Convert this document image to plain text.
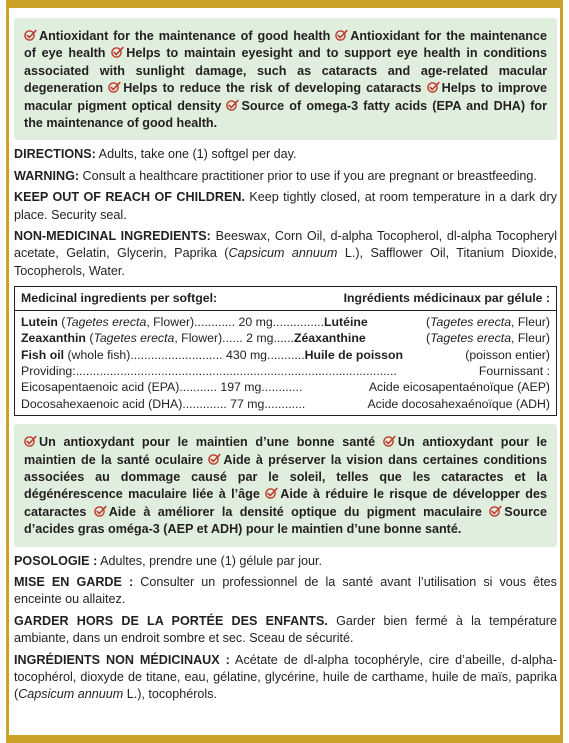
Antioxidant for the maintenance of good health Antioxidant for the maintenance of eye health Helps to maintain eyesight and to support eye health in conditions associated with sunlight damage, such as cataracts and age-related macular degeneration Helps to reduce the risk of developing cataracts Helps to improve macular pigment optical density Source of omega-3 fatty acids (EPA and DHA) for the maintenance of good health.
DIRECTIONS: Adults, take one (1) softgel per day.
WARNING: Consult a healthcare practitioner prior to use if you are pregnant or breastfeeding.
KEEP OUT OF REACH OF CHILDREN. Keep tightly closed, at room temperature in a dark dry place. Security seal.
NON-MEDICINAL INGREDIENTS: Beeswax, Corn Oil, d-alpha Tocopherol, dl-alpha Tocopheryl acetate, Gelatin, Glycerin, Paprika (Capsicum annuum L.), Safflower Oil, Titanium Dioxide, Tocopherols, Water.
Medicinal ingredients per softgel:	Ingrédients médicinaux par gélule :

Lutein (Tagetes erecta, Flower)............ 20 mg...............Lutéine	(Tagetes erecta, Fleur)

Zeaxanthin (Tagetes erecta, Flower)...... 2 mg......Zéaxanthine	(Tagetes erecta, Fleur)

Fish oil (whole fish)........................... 430 mg...........Huile de poisson	(poisson entier)

Providing:..............................................................................................	Fournissant :

Eicosapentaenoic acid (EPA)........... 197 mg............	Acide eicosapentaénoïque (AEP)

Docosahexaenoic acid (DHA)............. 77 mg............	Acide docosahexaénoïque (ADH)
Un antioxydant pour le maintien d’une bonne santé Un antioxydant pour le maintien de la santé oculaire Aide à préserver la vision dans certaines conditions associées au dommage causé par le soleil, telles que les cataractes et la dégénérescence maculaire liée à l’âge Aide à réduire le risque de développer des cataractes Aide à améliorer la densité optique du pigment maculaire Source d’acides gras oméga-3 (AEP et ADH) pour le maintien d’une bonne santé.
POSOLOGIE : Adultes, prendre une (1) gélule par jour.
MISE EN GARDE : Consulter un professionnel de la santé avant l’utilisation si vous êtes enceinte ou allaitez.
GARDER HORS DE LA PORTÉE DES ENFANTS. Garder bien fermé à la température ambiante, dans un endroit sombre et sec. Sceau de sécurité.
INGRÉDIENTS NON MÉDICINAUX : Acétate de dl-alpha tocophéryle, cire d’abeille, d-alpha-tocophérol, dioxyde de titane, eau, gélatine, glycérine, huile de carthame, huile de maïs, paprika (Capsicum annuum L.), tocophérols.
